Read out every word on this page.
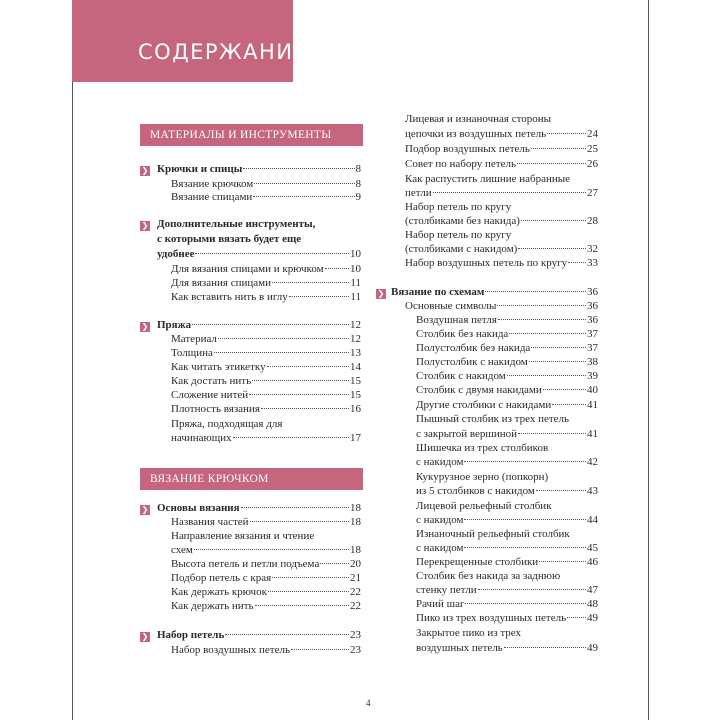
СОДЕРЖАНИЕ
МАТЕРИАЛЫ И ИНСТРУМЕНТЫ
❯ Крючки и спицы	8
Вязание крючком	8
Вязание спицами	9
❯ Дополнительные инструменты,
с которыми вязать будет еще
удобнее	10
Для вязания спицами и крючком 10
Для вязания спицами	11
Как вставить нить в иглу	11
❯ Пряжа	12
Материал	12
Толщина	13
Как читать этикетку	14
Как достать нить	15
Сложение нитей	15
Плотность вязания	16
Пряжа, подходящая для
начинающих	17
ВЯЗАНИЕ КРЮЧКОМ
❯ Основы вязания	18
Названия частей	18
Направление вязания и чтение
схем	18
Высота петель и петли подъема	20
Подбор петель с края	21
Как держать крючок	22
Как держать нить	22
❯ Набор петель	23
Набор воздушных петель	23
Лицевая и изнаночная стороны
цепочки из воздушных петель	24
Подбор воздушных петель	25
Совет по набору петель	26
Как распустить лишние набранные
петли	27
Набор петель по кругу
(столбиками без накида)	28
Набор петель по кругу
(столбиками с накидом)	32
Набор воздушных петель по кругу 33
❯ Вязание по схемам	36
Основные символы	36
Воздушная петля	36
Столбик без накида	37
Полустолбик без накида	37
Полустолбик с накидом	38
Столбик с накидом	39
Столбик с двумя накидами	40
Другие столбики с накидами	41
Пышный столбик из трех петель
с закрытой вершиной	41
Шишечка из трех столбиков
с накидом	42
Кукурузное зерно (попкорн)
из 5 столбиков с накидом	43
Лицевой рельефный столбик
с накидом	44
Изнаночный рельефный столбик
с накидом	45
Перекрещенные столбики	46
Столбик без накида за заднюю
стенку петли	47
Рачий шаг	48
Пико из трех воздушных петель 49
Закрытое пико из трех
воздушных петель	49
4
